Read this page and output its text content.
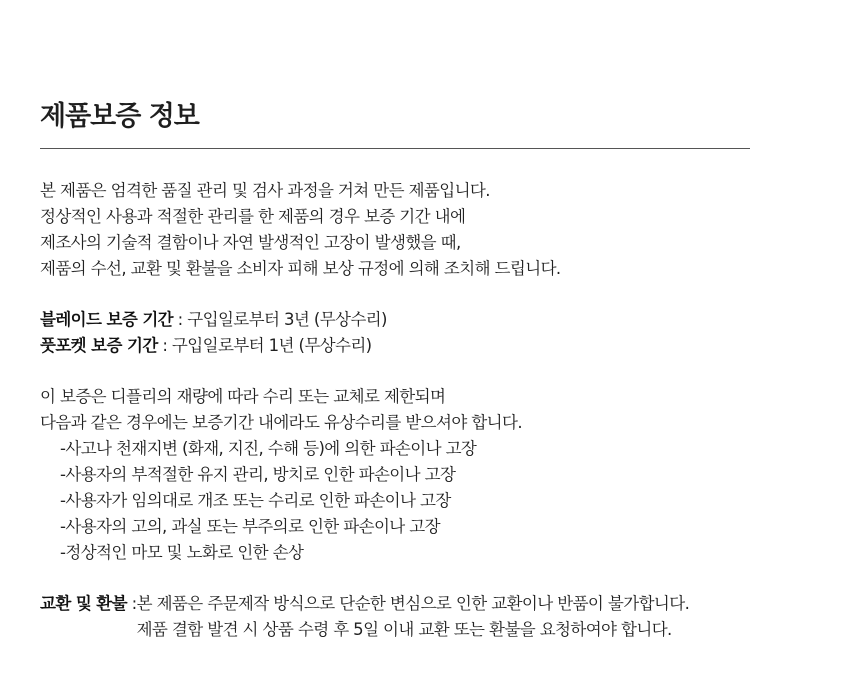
제품보증 정보
본 제품은 엄격한 품질 관리 및 검사 과정을 거쳐 만든 제품입니다.
정상적인 사용과 적절한 관리를 한 제품의 경우 보증 기간 내에
제조사의 기술적 결함이나 자연 발생적인 고장이 발생했을 때,
제품의 수선, 교환 및 환불을 소비자 피해 보상 규정에 의해 조치해 드립니다.
블레이드 보증 기간 : 구입일로부터 3년 (무상수리)
풋포켓 보증 기간 : 구입일로부터 1년 (무상수리)
이 보증은 디플리의 재량에 따라 수리 또는 교체로 제한되며
다음과 같은 경우에는 보증기간 내에라도 유상수리를 받으셔야 합니다.
-사고나 천재지변 (화재, 지진, 수해 등)에 의한 파손이나 고장
-사용자의 부적절한 유지 관리, 방치로 인한 파손이나 고장
-사용자가 임의대로 개조 또는 수리로 인한 파손이나 고장
-사용자의 고의, 과실 또는 부주의로 인한 파손이나 고장
-정상적인 마모 및 노화로 인한 손상
교환 및 환불 : 본 제품은 주문제작 방식으로 단순한 변심으로 인한 교환이나 반품이 불가합니다.
제품 결함 발견 시 상품 수령 후 5일 이내 교환 또는 환불을 요청하여야 합니다.
